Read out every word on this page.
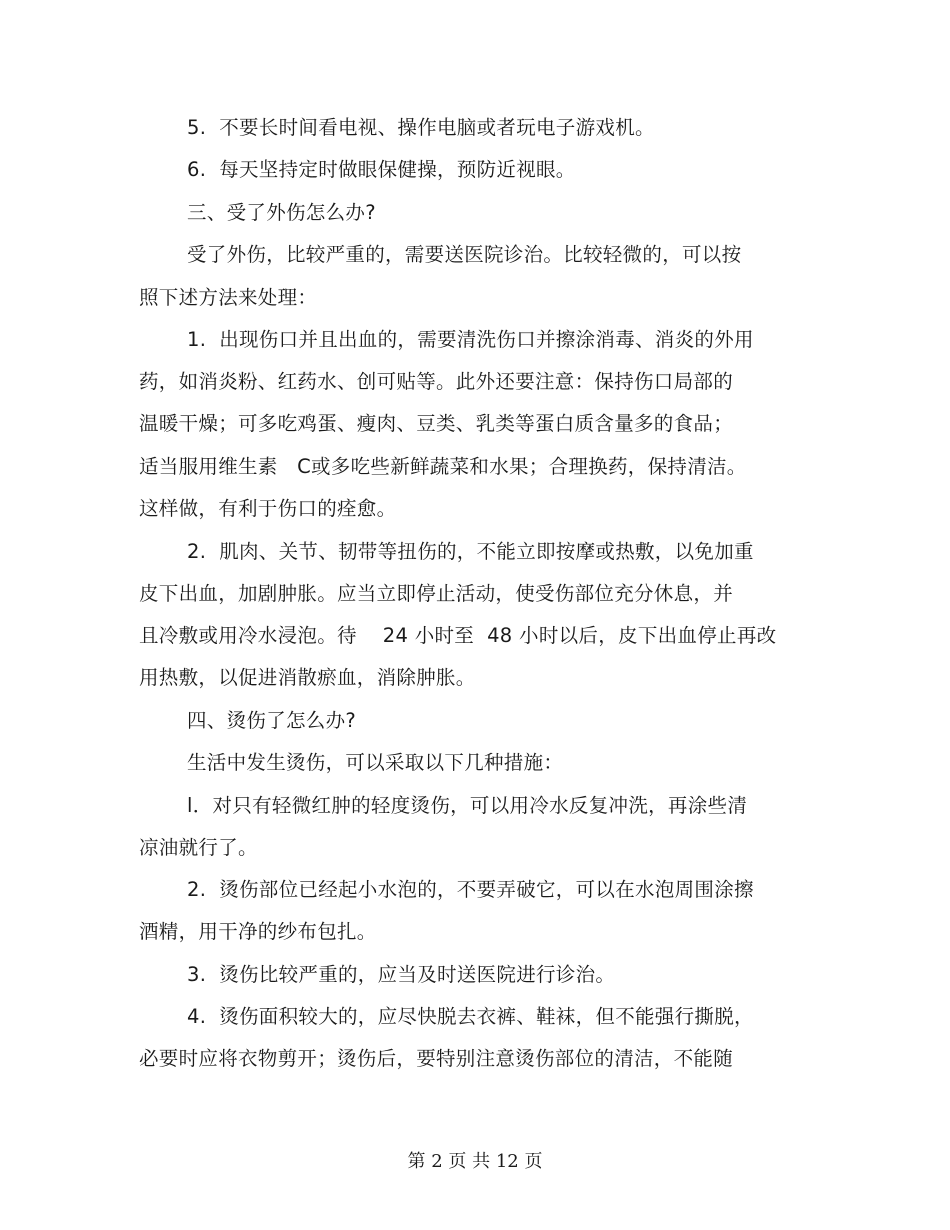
5.  不要长时间看电视、操作电脑或者玩电子游戏机。
6.  每天坚持定时做眼保健操，预防近视眼。
三、受了外伤怎么办?
受了外伤，比较严重的，需要送医院诊治。比较轻微的，可以按
照下述方法来处理：
1.  出现伤口并且出血的，需要清洗伤口并擦涂消毒、消炎的外用
药，如消炎粉、红药水、创可贴等。此外还要注意：保持伤口局部的
温暖干燥；可多吃鸡蛋、瘦肉、豆类、乳类等蛋白质含量多的食品；
适当服用维生素   C或多吃些新鲜蔬菜和水果；合理换药，保持清洁。
这样做，有利于伤口的痊愈。
2.  肌肉、关节、韧带等扭伤的，不能立即按摩或热敷，以免加重
皮下出血，加剧肿胀。应当立即停止活动，使受伤部位充分休息，并
且冷敷或用冷水浸泡。待    24 小时至  48 小时以后，皮下出血停止再改
用热敷，以促进消散瘀血，消除肿胀。
四、烫伤了怎么办?
生活中发生烫伤，可以采取以下几种措施：
l．对只有轻微红肿的轻度烫伤，可以用冷水反复冲洗，再涂些清
凉油就行了。
2.  烫伤部位已经起小水泡的，不要弄破它，可以在水泡周围涂擦
酒精，用干净的纱布包扎。
3.  烫伤比较严重的，应当及时送医院进行诊治。
4.  烫伤面积较大的，应尽快脱去衣裤、鞋袜，但不能强行撕脱，
必要时应将衣物剪开；烫伤后，要特别注意烫伤部位的清洁，不能随
第 2 页 共 12 页
